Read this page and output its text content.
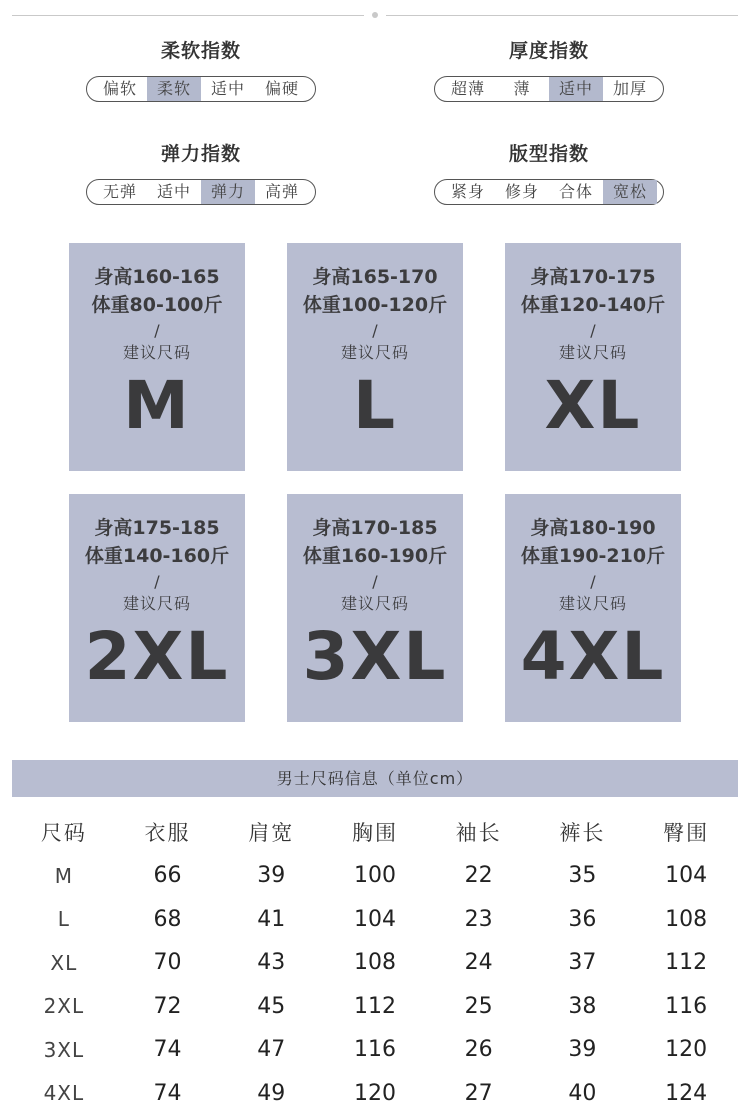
柔软指数
偏软	柔软	适中	偏硬
厚度指数
超薄	薄	适中	加厚
弹力指数
无弹	适中	弹力	高弹
版型指数
紧身	修身	合体	宽松
身高160-165
体重80-100斤
/
建议尺码
M
身高165-170
体重100-120斤
/
建议尺码
L
身高170-175
体重120-140斤
/
建议尺码
XL
身高175-185
体重140-160斤
/
建议尺码
2XL
身高170-185
体重160-190斤
/
建议尺码
3XL
身高180-190
体重190-210斤
/
建议尺码
4XL
男士尺码信息（单位cm）
尺码	衣服	肩宽	胸围	袖长	裤长	臀围
M	66	39	100	22	35	104
L	68	41	104	23	36	108
XL	70	43	108	24	37	112
2XL	72	45	112	25	38	116
3XL	74	47	116	26	39	120
4XL	74	49	120	27	40	124
